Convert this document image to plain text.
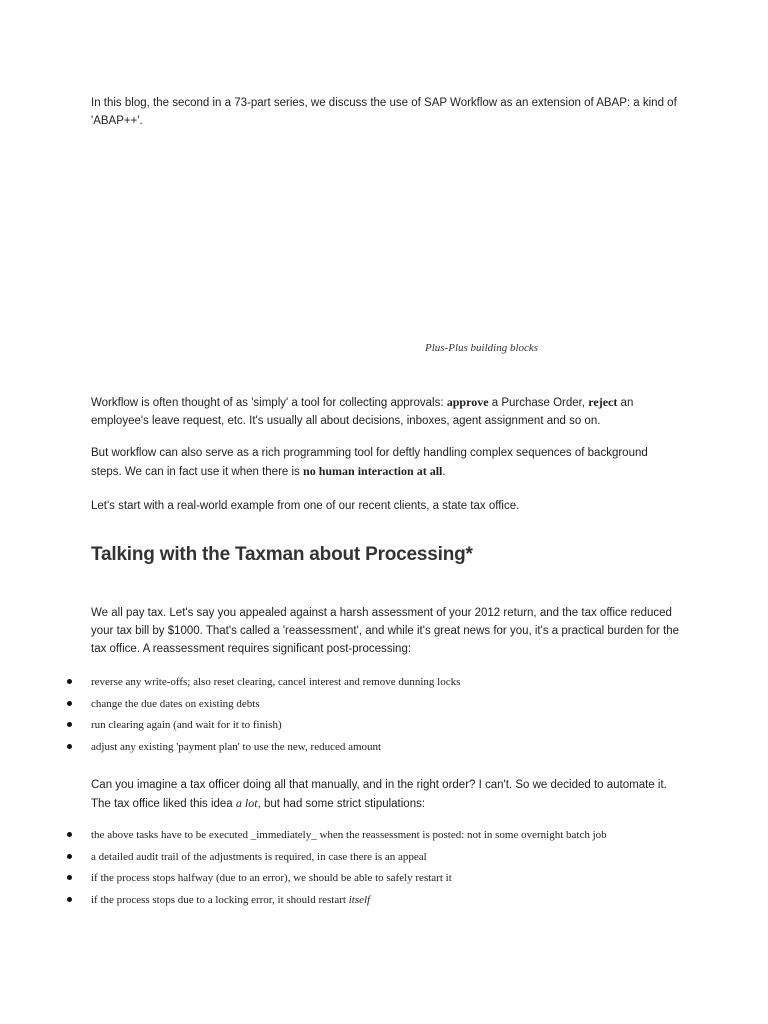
In this blog, the second in a 73-part series, we discuss the use of SAP Workflow as an extension of ABAP: a kind of 'ABAP++'.

Plus-Plus building blocks

Workflow is often thought of as 'simply' a tool for collecting approvals: approve a Purchase Order, reject an employee's leave request, etc. It's usually all about decisions, inboxes, agent assignment and so on.

But workflow can also serve as a rich programming tool for deftly handling complex sequences of background steps. We can in fact use it when there is no human interaction at all.

Let's start with a real-world example from one of our recent clients, a state tax office.

Talking with the Taxman about Processing*

We all pay tax. Let's say you appealed against a harsh assessment of your 2012 return, and the tax office reduced your tax bill by $1000. That's called a 'reassessment', and while it's great news for you, it's a practical burden for the tax office. A reassessment requires significant post-processing:

reverse any write-offs; also reset clearing, cancel interest and remove dunning locks
change the due dates on existing debts
run clearing again (and wait for it to finish)
adjust any existing 'payment plan' to use the new, reduced amount

Can you imagine a tax officer doing all that manually, and in the right order? I can't. So we decided to automate it. The tax office liked this idea a lot, but had some strict stipulations:

the above tasks have to be executed _immediately_ when the reassessment is posted: not in some overnight batch job
a detailed audit trail of the adjustments is required, in case there is an appeal
if the process stops halfway (due to an error), we should be able to safely restart it
if the process stops due to a locking error, it should restart itself
